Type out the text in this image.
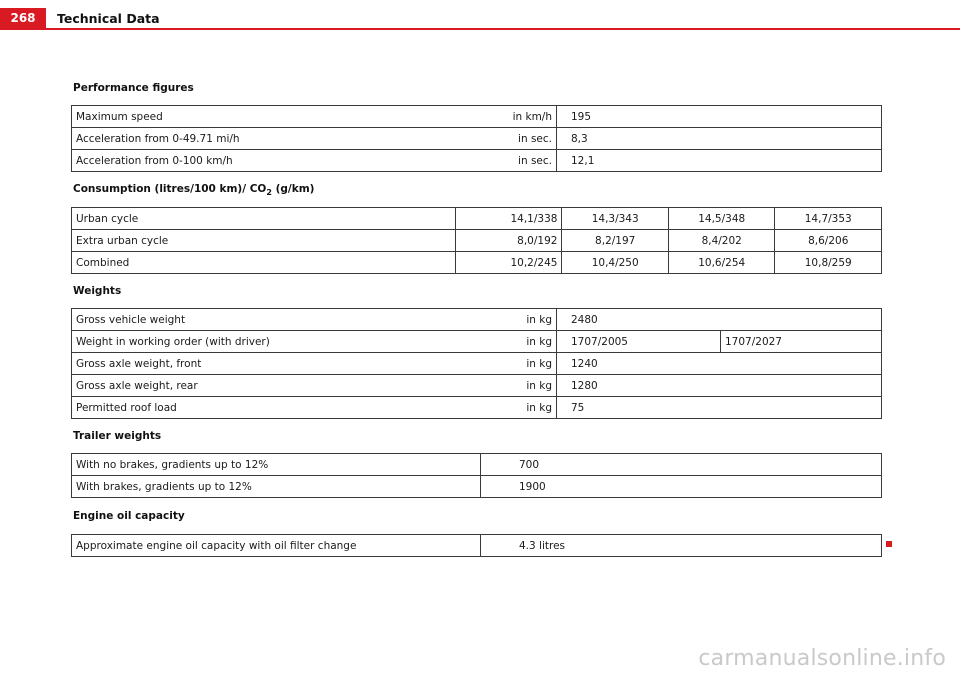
268	Technical Data
Performance figures
Maximum speed	in km/h	195
Acceleration from 0-49.71 mi/h	in sec.	8,3
Acceleration from 0-100 km/h	in sec.	12,1
Consumption (litres/100 km)/ $CO_2$ (g/km)
Urban cycle	14,1/338	14,3/343	14,5/348	14,7/353
Extra urban cycle	8,0/192	8,2/197	8,4/202	8,6/206
Combined	10,2/245	10,4/250	10,6/254	10,8/259
Weights
Gross vehicle weight	in kg	2480	
Weight in working order (with driver)	in kg	1707/2005	1707/2027
Gross axle weight, front	in kg	1240	
Gross axle weight, rear	in kg	1280	
Permitted roof load	in kg	75	
Trailer weights
With no brakes, gradients up to 12%	700
With brakes, gradients up to 12%	1900
Engine oil capacity
Approximate engine oil capacity with oil filter change	4.3 litres
carmanualsonline.info
